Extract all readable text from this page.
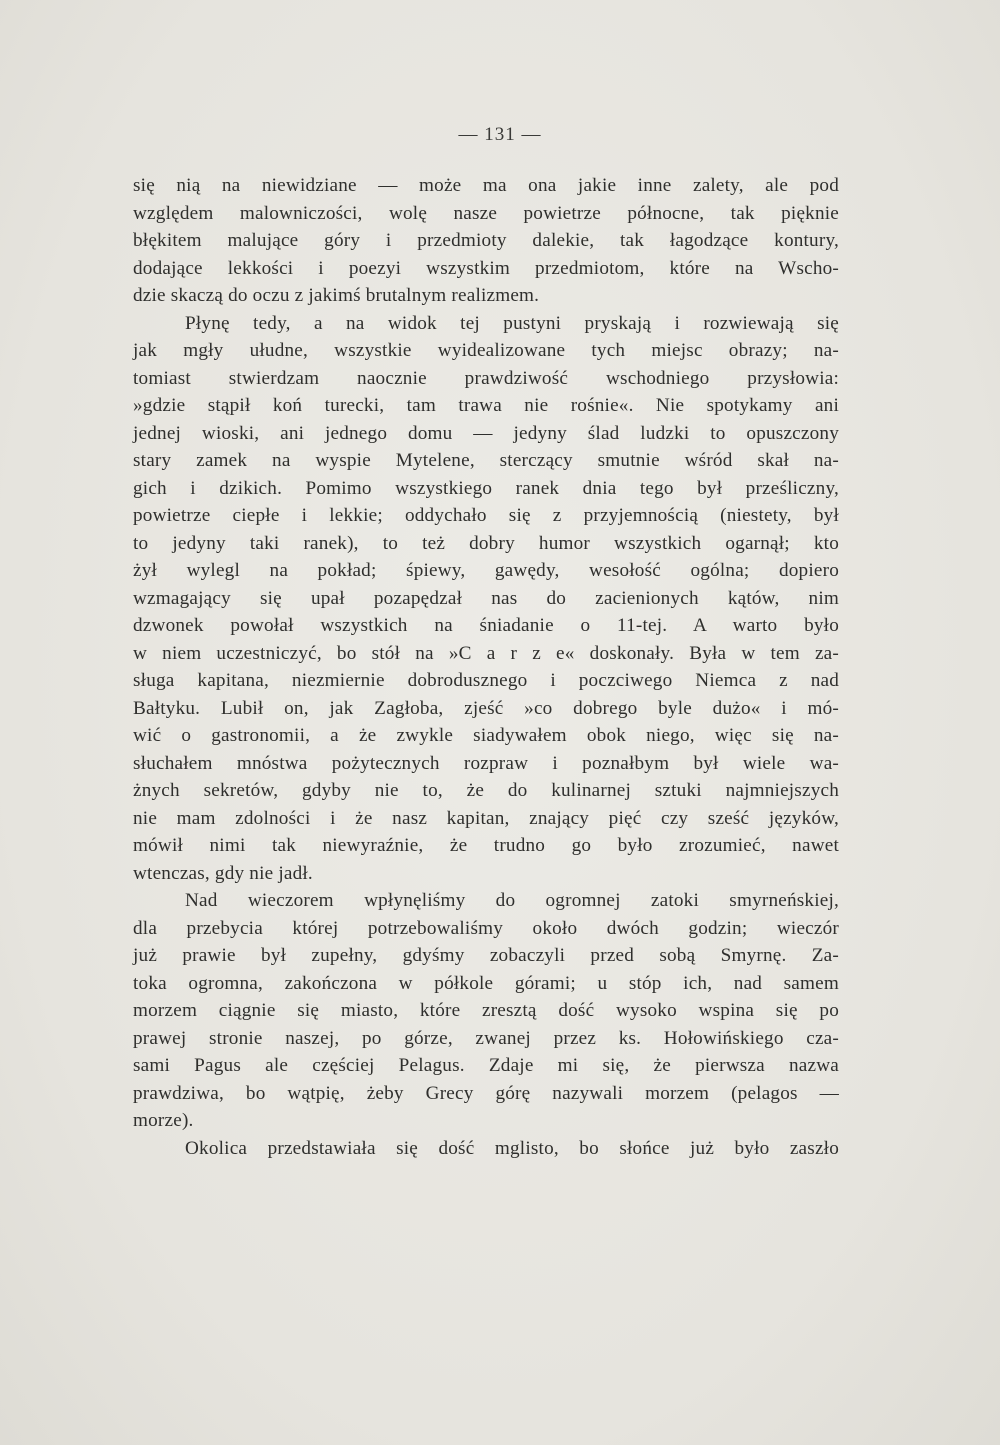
— 131 —
się nią na niewidziane — może ma ona jakie inne zalety, ale pod
względem malowniczości, wolę nasze powietrze północne, tak pięknie
błękitem malujące góry i przedmioty dalekie, tak łagodzące kontury,
dodające lekkości i poezyi wszystkim przedmiotom, które na Wscho-
dzie skaczą do oczu z jakimś brutalnym realizmem.
Płynę tedy, a na widok tej pustyni pryskają i rozwiewają się
jak mgły ułudne, wszystkie wyidealizowane tych miejsc obrazy; na-
tomiast stwierdzam naocznie prawdziwość wschodniego przysłowia:
»gdzie stąpił koń turecki, tam trawa nie rośnie«. Nie spotykamy ani
jednej wioski, ani jednego domu — jedyny ślad ludzki to opuszczony
stary zamek na wyspie Mytelene, sterczący smutnie wśród skał na-
gich i dzikich. Pomimo wszystkiego ranek dnia tego był prześliczny,
powietrze ciepłe i lekkie; oddychało się z przyjemnością (niestety, był
to jedyny taki ranek), to też dobry humor wszystkich ogarnął; kto
żył wylegl na pokład; śpiewy, gawędy, wesołość ogólna; dopiero
wzmagający się upał pozapędzał nas do zacienionych kątów, nim
dzwonek powołał wszystkich na śniadanie o 11-tej. A warto było
w niem uczestniczyć, bo stół na »C a r z e« doskonały. Była w tem za-
sługa kapitana, niezmiernie dobrodusznego i poczciwego Niemca z nad
Bałtyku. Lubił on, jak Zagłoba, zjeść »co dobrego byle dużo« i mó-
wić o gastronomii, a że zwykle siadywałem obok niego, więc się na-
słuchałem mnóstwa pożytecznych rozpraw i poznałbym był wiele wa-
żnych sekretów, gdyby nie to, że do kulinarnej sztuki najmniejszych
nie mam zdolności i że nasz kapitan, znający pięć czy sześć języków,
mówił nimi tak niewyraźnie, że trudno go było zrozumieć, nawet
wtenczas, gdy nie jadł.
Nad wieczorem wpłynęliśmy do ogromnej zatoki smyrneńskiej,
dla przebycia której potrzebowaliśmy około dwóch godzin; wieczór
już prawie był zupełny, gdyśmy zobaczyli przed sobą Smyrnę. Za-
toka ogromna, zakończona w półkole górami; u stóp ich, nad samem
morzem ciągnie się miasto, które zresztą dość wysoko wspina się po
prawej stronie naszej, po górze, zwanej przez ks. Hołowińskiego cza-
sami Pagus ale częściej Pelagus. Zdaje mi się, że pierwsza nazwa
prawdziwa, bo wątpię, żeby Grecy górę nazywali morzem (pelagos —
morze).
Okolica przedstawiała się dość mglisto, bo słońce już było zaszło
